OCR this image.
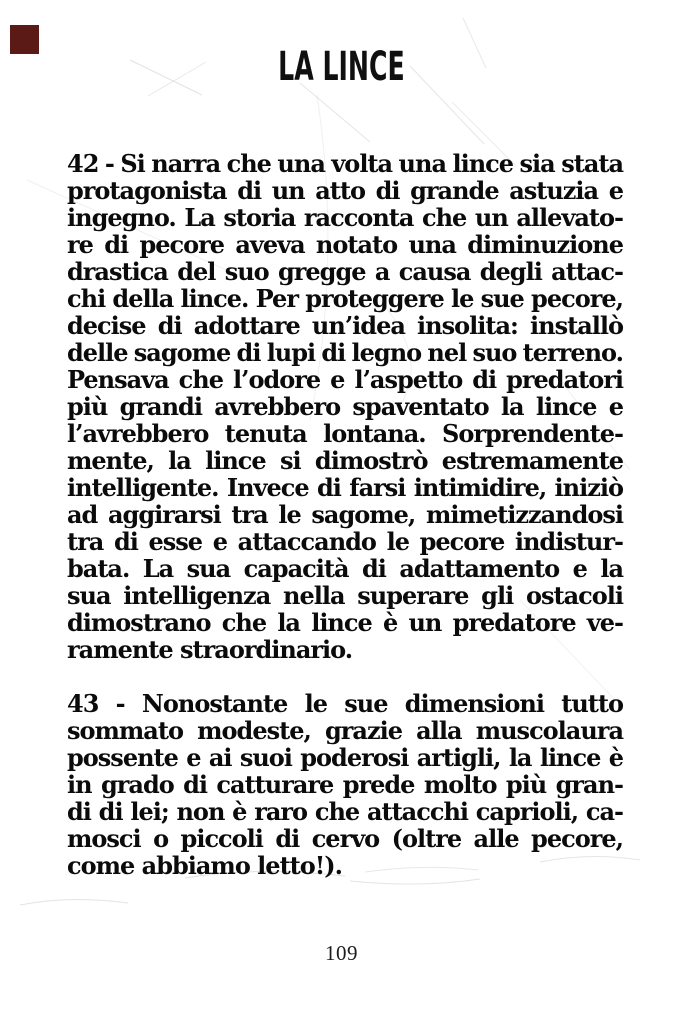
LA LINCE
42 - Si narra che una volta una lince sia stata
protagonista di un atto di grande astuzia e
ingegno. La storia racconta che un allevato-
re di pecore aveva notato una diminuzione
drastica del suo gregge a causa degli attac-
chi della lince. Per proteggere le sue pecore,
decise di adottare un’idea insolita: installò
delle sagome di lupi di legno nel suo terreno.
Pensava che l’odore e l’aspetto di predatori
più grandi avrebbero spaventato la lince e
l’avrebbero tenuta lontana. Sorprendente-
mente, la lince si dimostrò estremamente
intelligente. Invece di farsi intimidire, iniziò
ad aggirarsi tra le sagome, mimetizzandosi
tra di esse e attaccando le pecore indistur-
bata. La sua capacità di adattamento e la
sua intelligenza nella superare gli ostacoli
dimostrano che la lince è un predatore ve-
ramente straordinario.
43 - Nonostante le sue dimensioni tutto
sommato modeste, grazie alla muscolaura
possente e ai suoi poderosi artigli, la lince è
in grado di catturare prede molto più gran-
di di lei; non è raro che attacchi caprioli, ca-
mosci o piccoli di cervo (oltre alle pecore,
come abbiamo letto!).
109
